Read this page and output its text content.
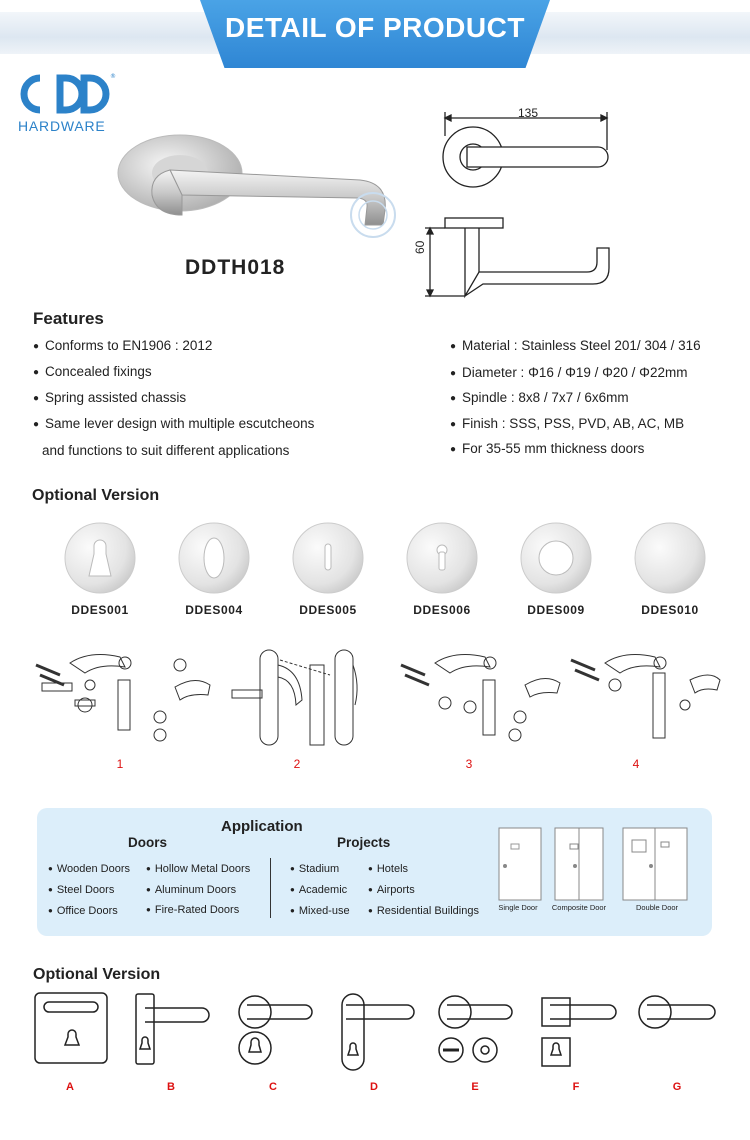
DETAIL OF PRODUCT
®
HARDWARE
DDTH018
135
60
Features
● Conforms to EN1906 : 2012
● Concealed fixings
● Spring assisted chassis
● Same lever design with multiple escutcheons
and functions to suit different applications
● Material : Stainless Steel 201/ 304 / 316
● Diameter : Φ16 / Φ19 / Φ20 / Φ22mm
● Spindle : 8x8 / 7x7 / 6x6mm
● Finish : SSS, PSS, PVD, AB, AC, MB
● For 35-55 mm thickness doors
Optional Version
DDES001	DDES004	DDES005	DDES006	DDES009	DDES010
1	2	3	4
Application
Doors	Projects
● Wooden Doors
● Steel Doors
● Office Doors
● Hollow Metal Doors
● Aluminum Doors
● Fire-Rated Doors
● Stadium
● Academic
● Mixed-use
● Hotels
● Airports
● Residential Buildings	Single Door	Composite Door	Double Door
Optional Version
A	B	C	D	E	F	G
